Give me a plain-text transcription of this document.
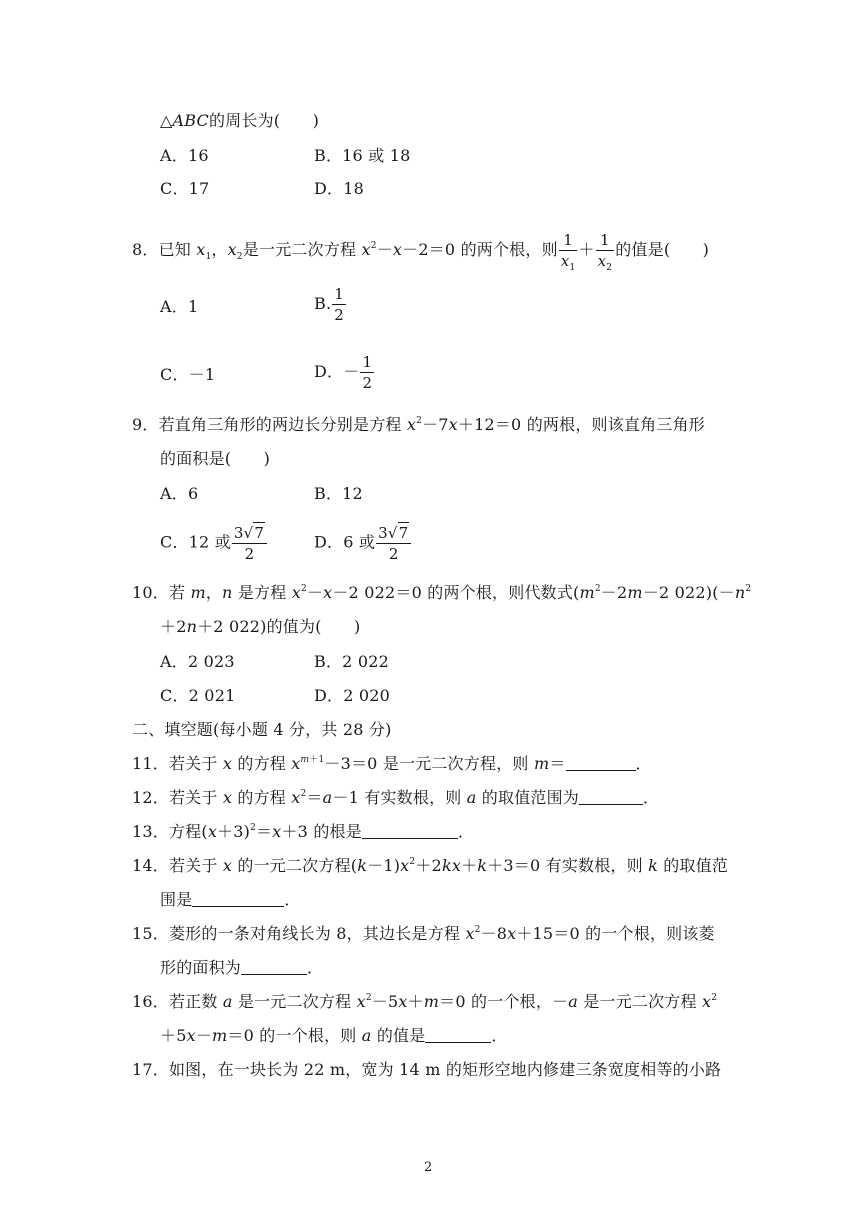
△ABC的周长为(　　)
A．16	B．16 或 18
C．17	D．18
8．已知 $x_1$，$x_2$是一元二次方程 $x^2-x-2=0$ 的两个根，则 $\frac{1}{x_1} + \frac{1}{x_2}$ 的值是(　　)
A．1	B. $\frac{1}{2}$
C．－1	D．－ $\frac{1}{2}$
9．若直角三角形的两边长分别是方程 $x^2-7x+12=0$ 的两根，则该直角三角形
的面积是(　　)
A．6	B．12
C．12 或 $\frac{3√7}{2}$	D．6 或 $\frac{3√7}{2}$
10．若 m，n 是方程 $x^2-x-2$ 022＝0 的两个根，则代数式($m^2-2m-2$ $022)(-n^2$
＋2n＋2 022)的值为(　　)
A．2 023	B．2 022
C．2 021	D．2 020
二、填空题(每小题 4 分，共 28 分)
11．若关于 x 的方程 $x^{m+1}-3=0$ 是一元二次方程，则 m＝	．
12．若关于 x 的方程 $x^2=a-1$ 有实数根，则 a 的取值范围为	．
13．方程$(x+3)^2=x+3$ 的根是	．
14．若关于 x 的一元二次方程$(k-1)x^2+2kx+k+3=0$ 有实数根，则 k 的取值范
围是	．
15．菱形的一条对角线长为 8，其边长是方程 $x^2-8x+15=0$ 的一个根，则该菱
形的面积为	．
16．若正数 a 是一元二次方程 $x^2-5x+m=0$ 的一个根，－a 是一元二次方程 $x^2$
＋5x－m＝0 的一个根，则 a 的值是	．
17．如图，在一块长为 22 m，宽为 14 m 的矩形空地内修建三条宽度相等的小路
2
